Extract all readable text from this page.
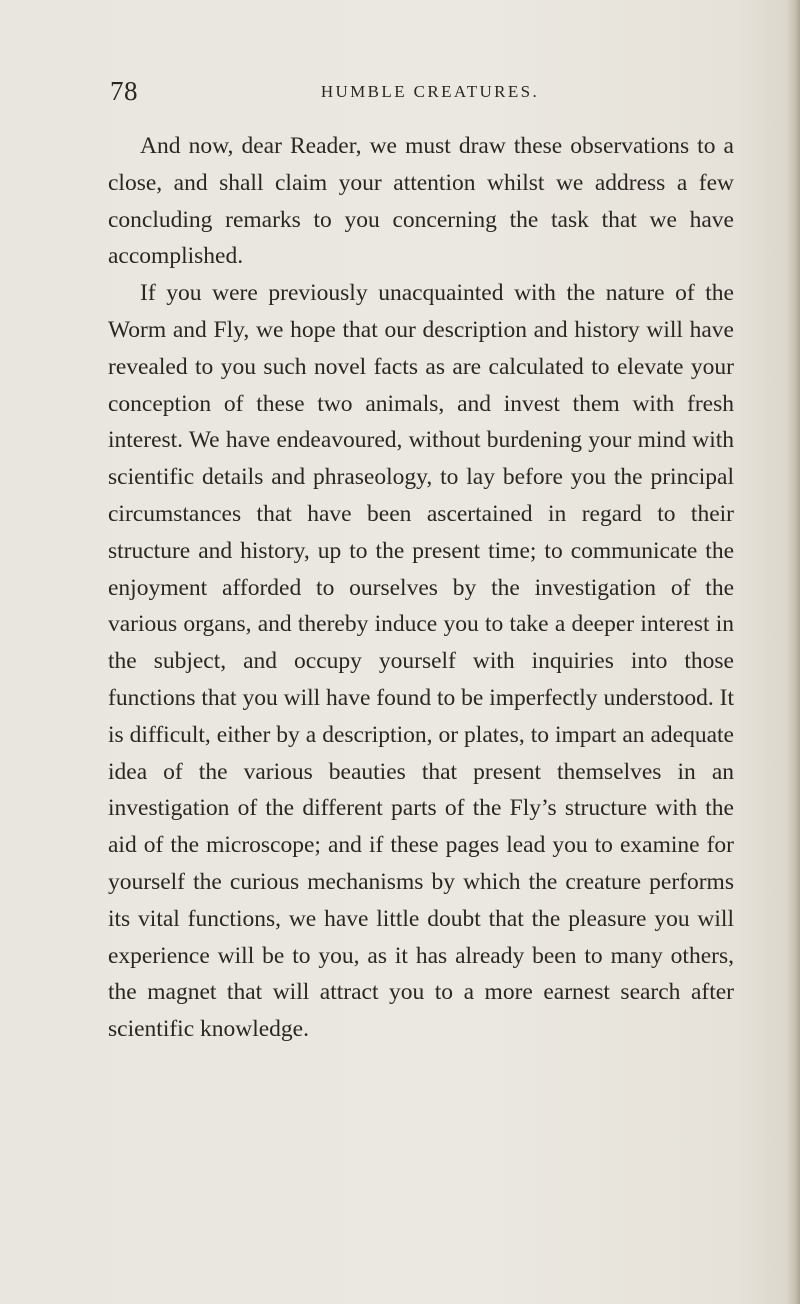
78	HUMBLE CREATURES.

And now, dear Reader, we must draw these observations to a close, and shall claim your attention whilst we address a few concluding remarks to you concerning the task that we have accomplished.

If you were previously unacquainted with the nature of the Worm and Fly, we hope that our description and history will have revealed to you such novel facts as are calculated to elevate your conception of these two animals, and invest them with fresh interest. We have endeavoured, without burdening your mind with scientific details and phraseology, to lay before you the principal circumstances that have been ascertained in regard to their structure and history, up to the present time; to communicate the enjoyment afforded to ourselves by the investigation of the various organs, and thereby induce you to take a deeper interest in the subject, and occupy yourself with inquiries into those functions that you will have found to be imperfectly understood. It is difficult, either by a description, or plates, to impart an adequate idea of the various beauties that present themselves in an investigation of the different parts of the Fly’s structure with the aid of the microscope; and if these pages lead you to examine for yourself the curious mechanisms by which the creature performs its vital functions, we have little doubt that the pleasure you will experience will be to you, as it has already been to many others, the magnet that will attract you to a more earnest search after scientific knowledge.
